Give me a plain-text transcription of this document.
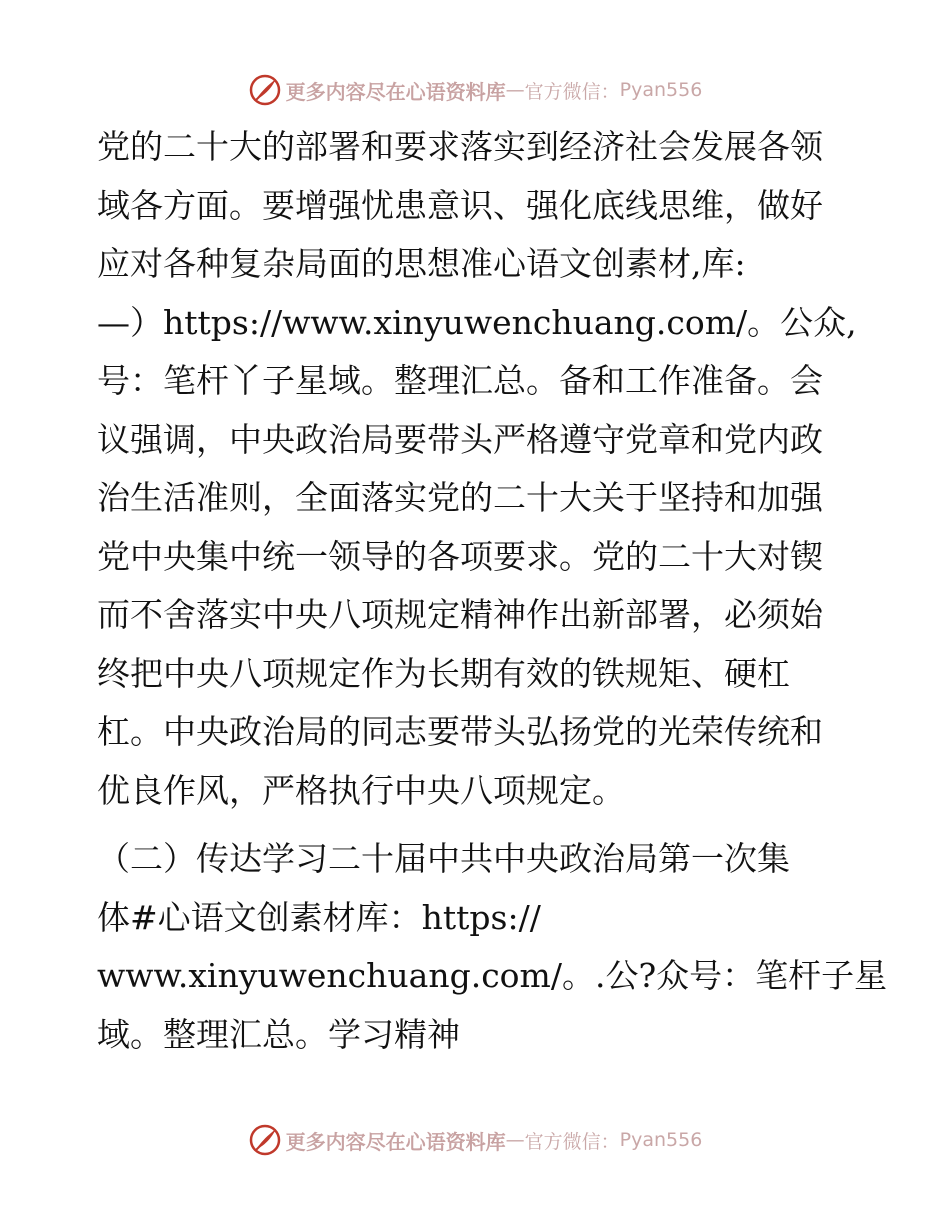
更多内容尽在心语资料库 — 官方微信： Pyan556
党的二十大的部署和要求落实到经济社会发展各领
域各方面。要增强忧患意识、强化底线思维，做好
应对各种复杂局面的思想准心语文创素材,库:
—）https://www.xinyuwenchuang.com/。公众,
号：笔杆丫子星域。整理汇总。备和工作准备。会
议强调，中央政治局要带头严格遵守党章和党内政
治生活准则，全面落实党的二十大关于坚持和加强
党中央集中统一领导的各项要求。党的二十大对锲
而不舍落实中央八项规定精神作出新部署，必须始
终把中央八项规定作为长期有效的铁规矩、硬杠
杠。中央政治局的同志要带头弘扬党的光荣传统和
优良作风，严格执行中央八项规定。
（二）传达学习二十届中共中央政治局第一次集
体#心语文创素材库：https://
www.xinyuwenchuang.com/。.公?众号：笔杆子星
域。整理汇总。学习精神
更多内容尽在心语资料库 — 官方微信： Pyan556
